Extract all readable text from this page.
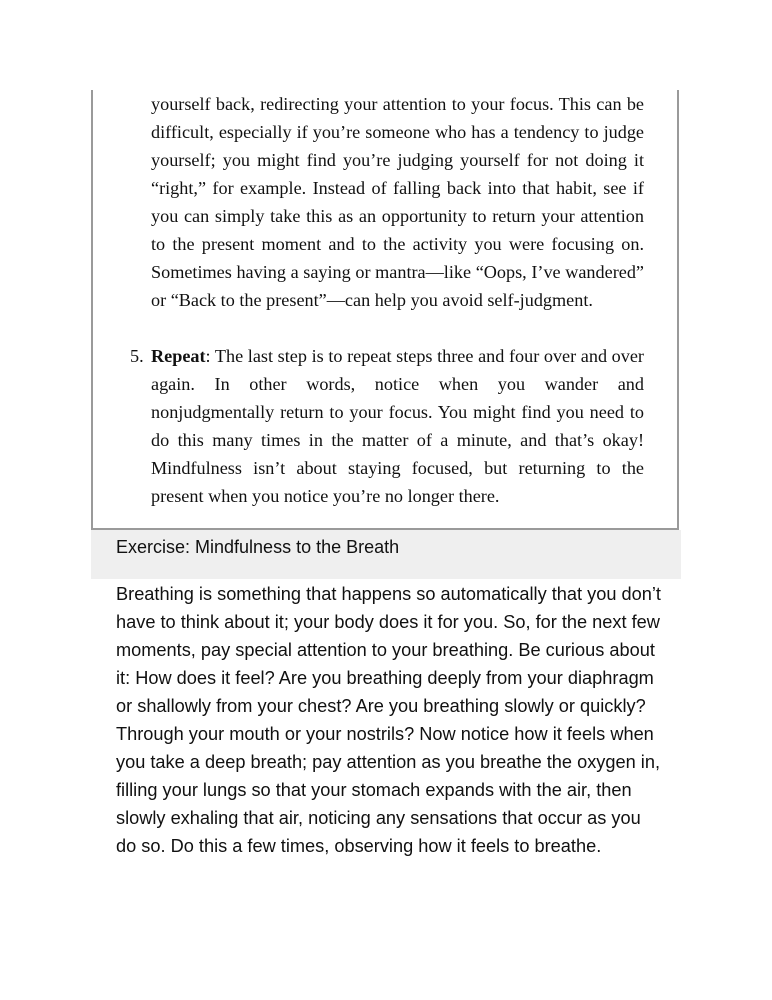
yourself back, redirecting your attention to your focus. This can be difficult, especially if you’re someone who has a tendency to judge yourself; you might find you’re judging yourself for not doing it “right,” for example. Instead of falling back into that habit, see if you can simply take this as an opportunity to return your attention to the present moment and to the activity you were focusing on. Sometimes having a saying or mantra—like “Oops, I’ve wandered” or “Back to the present”—can help you avoid self-judgment.

5. Repeat: The last step is to repeat steps three and four over and over again. In other words, notice when you wander and nonjudgmentally return to your focus. You might find you need to do this many times in the matter of a minute, and that’s okay! Mindfulness isn’t about staying focused, but returning to the present when you notice you’re no longer there.

Exercise: Mindfulness to the Breath

Breathing is something that happens so automatically that you don’t have to think about it; your body does it for you. So, for the next few moments, pay special attention to your breathing. Be curious about it: How does it feel? Are you breathing deeply from your diaphragm or shallowly from your chest? Are you breathing slowly or quickly? Through your mouth or your nostrils? Now notice how it feels when you take a deep breath; pay attention as you breathe the oxygen in, filling your lungs so that your stomach expands with the air, then slowly exhaling that air, noticing any sensations that occur as you do so. Do this a few times, observing how it feels to breathe.
